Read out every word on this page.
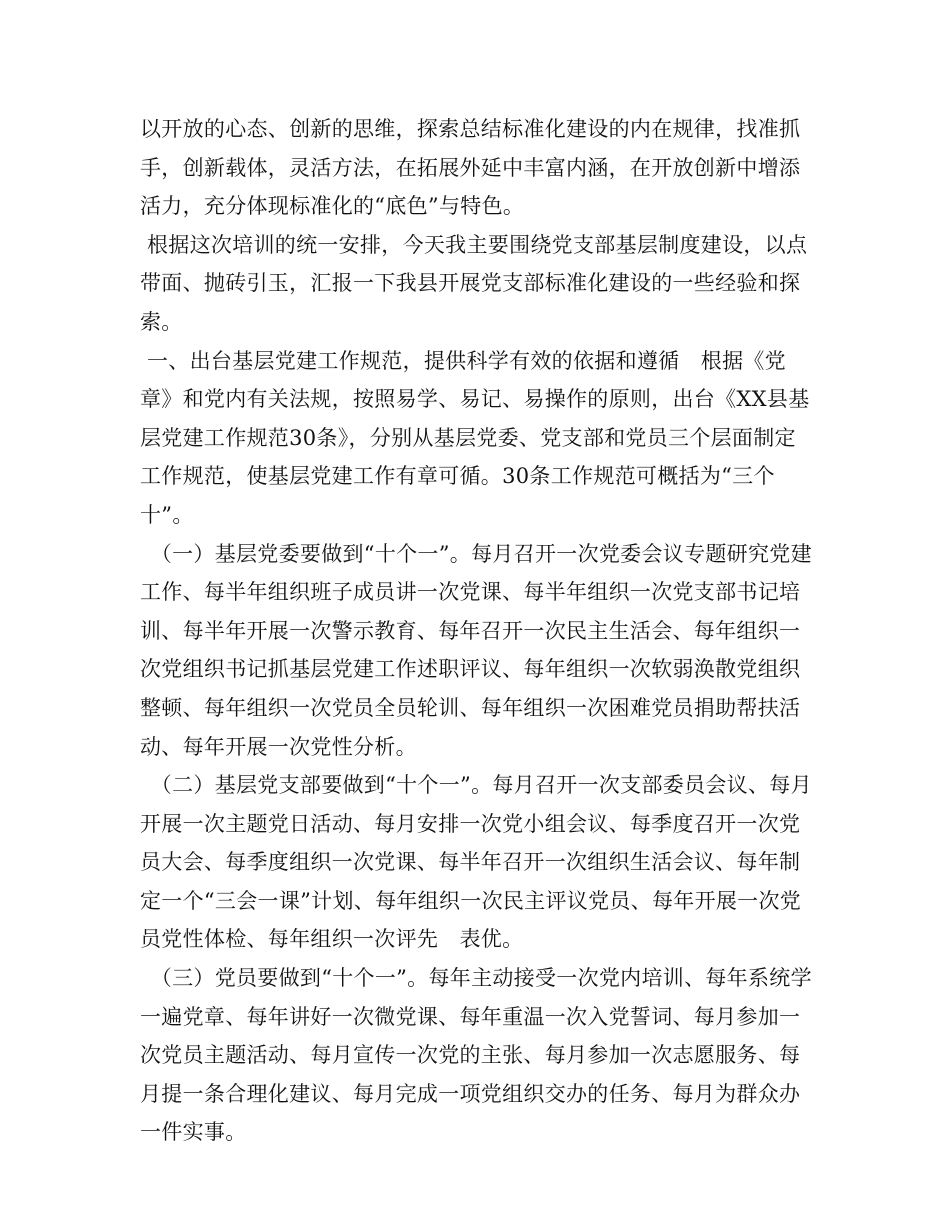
以开放的心态、创新的思维，探索总结标准化建设的内在规律，找准抓手，创新载体，灵活方法，在拓展外延中丰富内涵，在开放创新中增添活力，充分体现标准化的“底色”与特色。

根据这次培训的统一安排，今天我主要围绕党支部基层制度建设，以点带面、抛砖引玉，汇报一下我县开展党支部标准化建设的一些经验和探索。

一、出台基层党建工作规范，提供科学有效的依据和遵循　根据《党章》和党内有关法规，按照易学、易记、易操作的原则，出台《XX县基层党建工作规范30条》，分别从基层党委、党支部和党员三个层面制定工作规范，使基层党建工作有章可循。30条工作规范可概括为“三个十”。

　（一）基层党委要做到“十个一”。每月召开一次党委会议专题研究党建工作、每半年组织班子成员讲一次党课、每半年组织一次党支部书记培训、每半年开展一次警示教育、每年召开一次民主生活会、每年组织一次党组织书记抓基层党建工作述职评议、每年组织一次软弱涣散党组织整顿、每年组织一次党员全员轮训、每年组织一次困难党员捐助帮扶活动、每年开展一次党性分析。

　（二）基层党支部要做到“十个一”。每月召开一次支部委员会议、每月开展一次主题党日活动、每月安排一次党小组会议、每季度召开一次党员大会、每季度组织一次党课、每半年召开一次组织生活会议、每年制定一个“三会一课”计划、每年组织一次民主评议党员、每年开展一次党员党性体检、每年组织一次评先　表优。

　（三）党员要做到“十个一”。每年主动接受一次党内培训、每年系统学一遍党章、每年讲好一次微党课、每年重温一次入党誓词、每月参加一次党员主题活动、每月宣传一次党的主张、每月参加一次志愿服务、每月提一条合理化建议、每月完成一项党组织交办的任务、每月为群众办一件实事。
